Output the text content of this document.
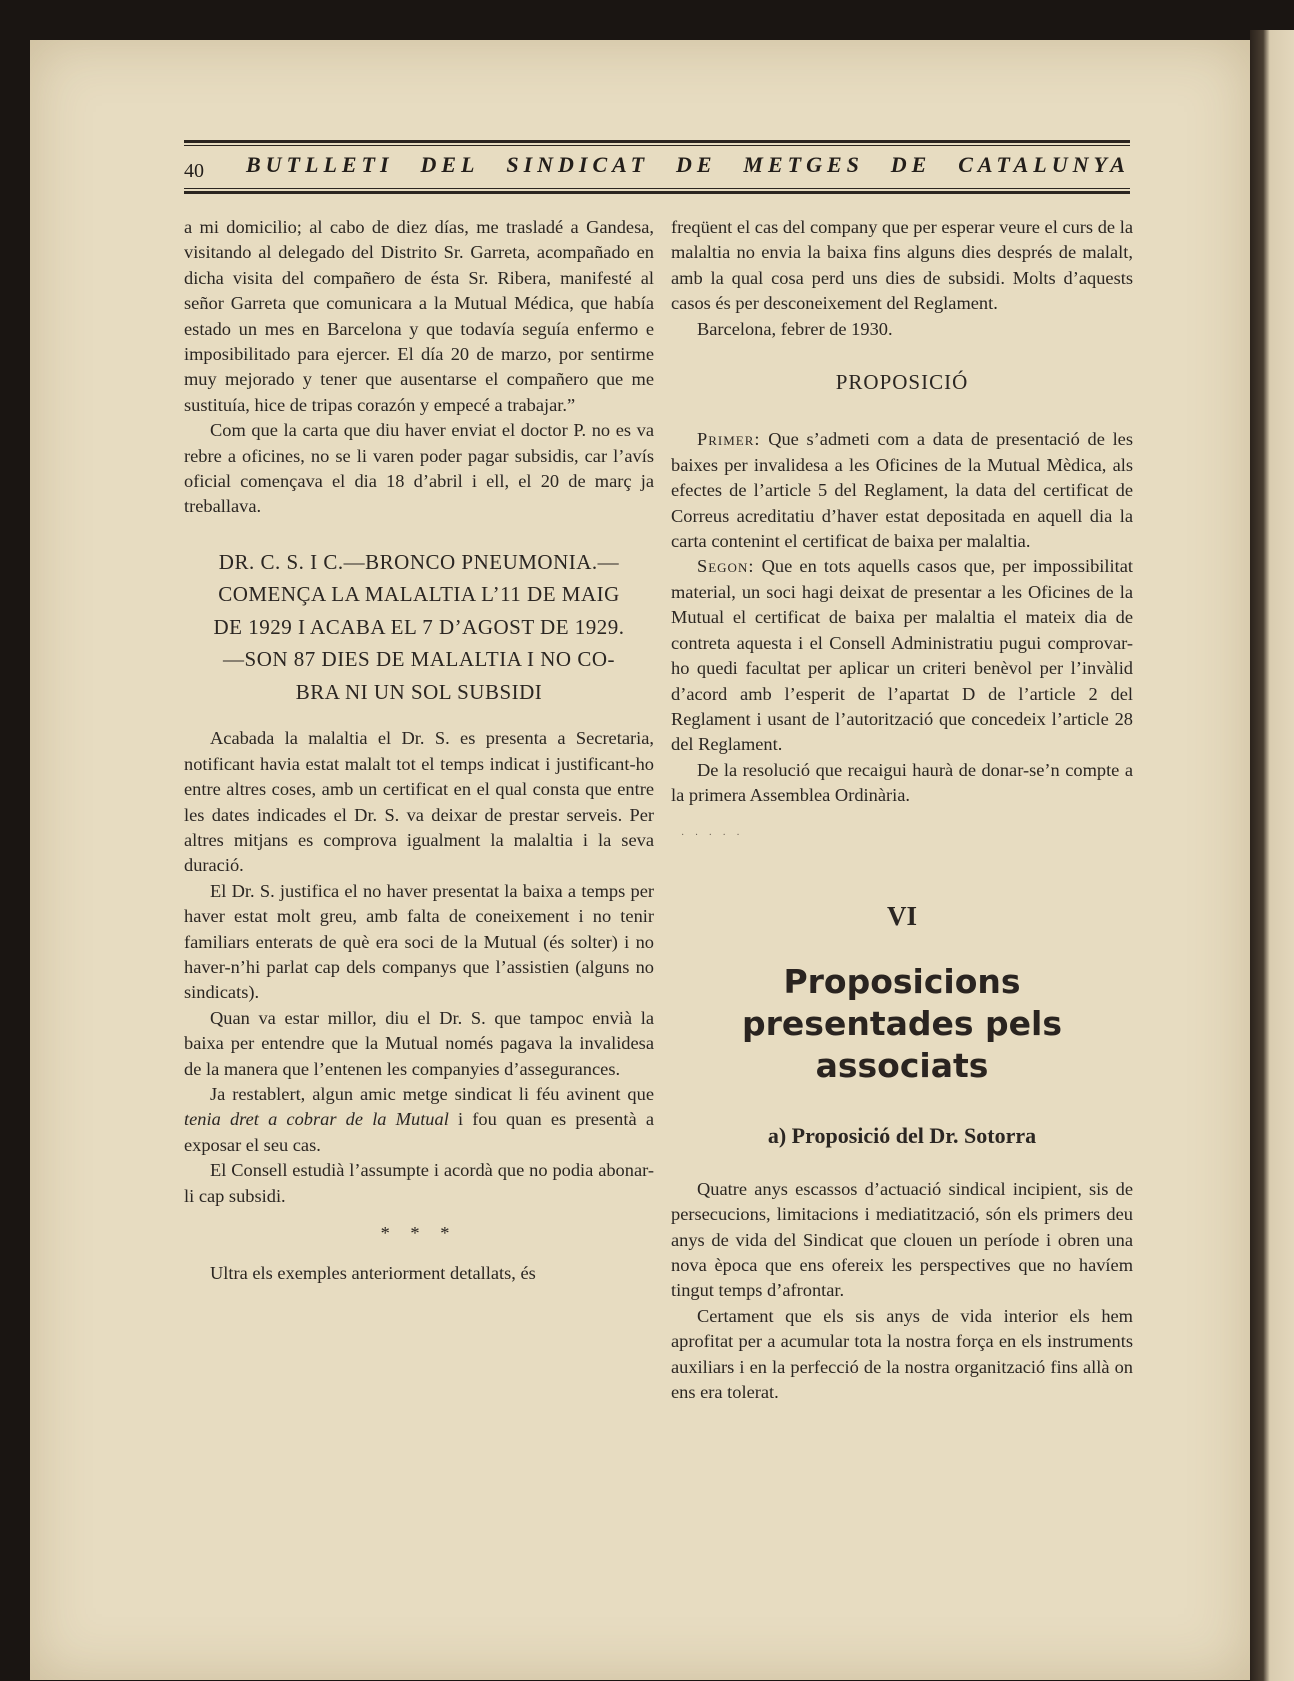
40 BUTLLETI DEL SINDICAT DE METGES DE CATALUNYA

a mi domicilio; al cabo de diez días, me trasladé a Gandesa, visitando al delegado del Distrito Sr. Garreta, acompañado en dicha visita del compañero de ésta Sr. Ribera, manifesté al señor Garreta que comunicara a la Mutual Médica, que había estado un mes en Barcelona y que todavía seguía enfermo e imposibilitado para ejercer. El día 20 de marzo, por sentirme muy mejorado y tener que ausentarse el compañero que me sustituía, hice de tripas corazón y empecé a trabajar.”

Com que la carta que diu haver enviat el doctor P. no es va rebre a oficines, no se li varen poder pagar subsidis, car l’avís oficial començava el dia 18 d’abril i ell, el 20 de març ja treballava.

DR. C. S. I C.—BRONCO PNEUMONIA.—
COMENÇA LA MALALTIA L’11 DE MAIG
DE 1929 I ACABA EL 7 D’AGOST DE 1929.
—SON 87 DIES DE MALALTIA I NO CO-
BRA NI UN SOL SUBSIDI

Acabada la malaltia el Dr. S. es presenta a Secretaria, notificant havia estat malalt tot el temps indicat i justificant-ho entre altres coses, amb un certificat en el qual consta que entre les dates indicades el Dr. S. va deixar de prestar serveis. Per altres mitjans es comprova igualment la malaltia i la seva duració.

El Dr. S. justifica el no haver presentat la baixa a temps per haver estat molt greu, amb falta de coneixement i no tenir familiars enterats de què era soci de la Mutual (és solter) i no haver-n’hi parlat cap dels companys que l’assistien (alguns no sindicats).

Quan va estar millor, diu el Dr. S. que tampoc envià la baixa per entendre que la Mutual només pagava la invalidesa de la manera que l’entenen les companyies d’assegurances.

Ja restablert, algun amic metge sindicat li féu avinent que tenia dret a cobrar de la Mutual i fou quan es presentà a exposar el seu cas.

El Consell estudià l’assumpte i acordà que no podia abonar-li cap subsidi.

* * *

Ultra els exemples anteriorment detallats, és

freqüent el cas del company que per esperar veure el curs de la malaltia no envia la baixa fins alguns dies després de malalt, amb la qual cosa perd uns dies de subsidi. Molts d’aquests casos és per desconeixement del Reglament.

Barcelona, febrer de 1930.

PROPOSICIÓ

Primer: Que s’admeti com a data de presentació de les baixes per invalidesa a les Oficines de la Mutual Mèdica, als efectes de l’article 5 del Reglament, la data del certificat de Correus acreditatiu d’haver estat depositada en aquell dia la carta contenint el certificat de baixa per malaltia.

Segon: Que en tots aquells casos que, per impossibilitat material, un soci hagi deixat de presentar a les Oficines de la Mutual el certificat de baixa per malaltia el mateix dia de contreta aquesta i el Consell Administratiu pugui comprovar-ho quedi facultat per aplicar un criteri benèvol per l’invàlid d’acord amb l’esperit de l’apartat D de l’article 2 del Reglament i usant de l’autorització que concedeix l’article 28 del Reglament.

De la resolució que recaigui haurà de donar-se’n compte a la primera Assemblea Ordinària.

· · · · ·
VI
Proposicions presentades pels associats
a) Proposició del Dr. Sotorra

Quatre anys escassos d’actuació sindical incipient, sis de persecucions, limitacions i mediatització, són els primers deu anys de vida del Sindicat que clouen un període i obren una nova època que ens ofereix les perspectives que no havíem tingut temps d’afrontar.

Certament que els sis anys de vida interior els hem aprofitat per a acumular tota la nostra força en els instruments auxiliars i en la perfecció de la nostra organització fins allà on ens era tolerat.
